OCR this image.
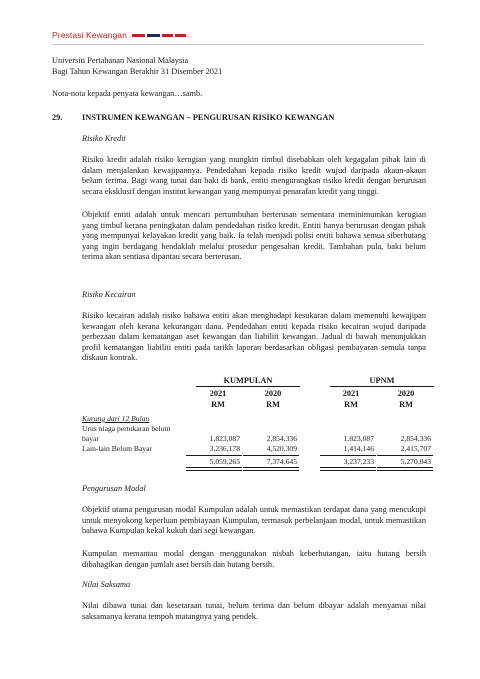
Prestasi Kewangan
Universiti Pertahanan Nasional Malaysia
Bagi Tahun Kewangan Berakhir 31 Disember 2021
Nota-nota kepada penyata kewangan…samb.
29. INSTRUMEN KEWANGAN – PENGURUSAN RISIKO KEWANGAN
Risiko Kredit

Risiko kredit adalah risiko kerugian yang mungkin timbul disebabkan oleh kegagalan pihak lain di dalam menjalankan kewajipannya. Pendedahan kepada risiko kredit wujud daripada akaun-akaun belum terima. Bagi wang tunai dan baki di bank, entiti mengurangkan risiko kredit dengan berurusan secara eksklusif dengan institut kewangan yang mempunyai penarafan kredit yang tinggi.

Objektif entiti adalah untuk mencari pertumbuhan berterusan sementara meminimumkan kerugian yang timbul kerana peningkatan dalam pendedahan risiko kredit. Entiti hanya berurusan dengan pihak yang mempunyai kelayakan kredit yang baik. Ia telah menjadi polisi entiti bahawa semua siberhutang yang ingin berdagang hendaklah melalui prosedur pengesahan kredit. Tambahan pula, baki belum terima akan sentiasa dipantau secara berterusan.

Risiko Kecairan

Risiko kecairan adalah risiko bahawa entiti akan menghadapi kesukaran dalam memenuhi kewajipan kewangan oleh kerana kekurangan dana. Pendedahan entiti kepada risiko kecairan wujud daripada perbezaan dalam kematangan aset kewangan dan liabiliti kewangan. Jadual di bawah menunjukkan profil kematangan liabiliti entiti pada tarikh laporan berdasarkan obligasi pembayaran semula tanpa diskaun kontrak.

KUMPULAN	UPNM
2021	2020	2021	2020
RM	RM	RM	RM
Kurang dari 12 Bulan
Urus niaga pertukaran belum
bayar	1,823,087	2,854,336	1,823,087	2,854,336
Lain-lain Belum Bayar	3,236,178	4,520,309	1,414,146	2,415,707
5,059,265	7,374,645	3,237,233	5,270,043
Pengurusan Modal

Objektif utama pengurusan modal Kumpulan adalah untuk memastikan terdapat dana yang mencukupi untuk menyokong keperluan pembiayaan Kumpulan, termasuk perbelanjaan modal, untuk memastikan bahawa Kumpulan kekal kukuh dari segi kewangan.

Kumpulan memantau modal dengan menggunakan nisbah keberhutangan, iaitu hutang bersih dibahagikan dengan jumlah aset bersih dan hutang bersih.

Nilai Saksama

Nilai dibawa tunai dan kesetaraan tunai, belum terima dan belum dibayar adalah menyamai nilai saksamanya kerana tempoh matangnya yang pendek.
